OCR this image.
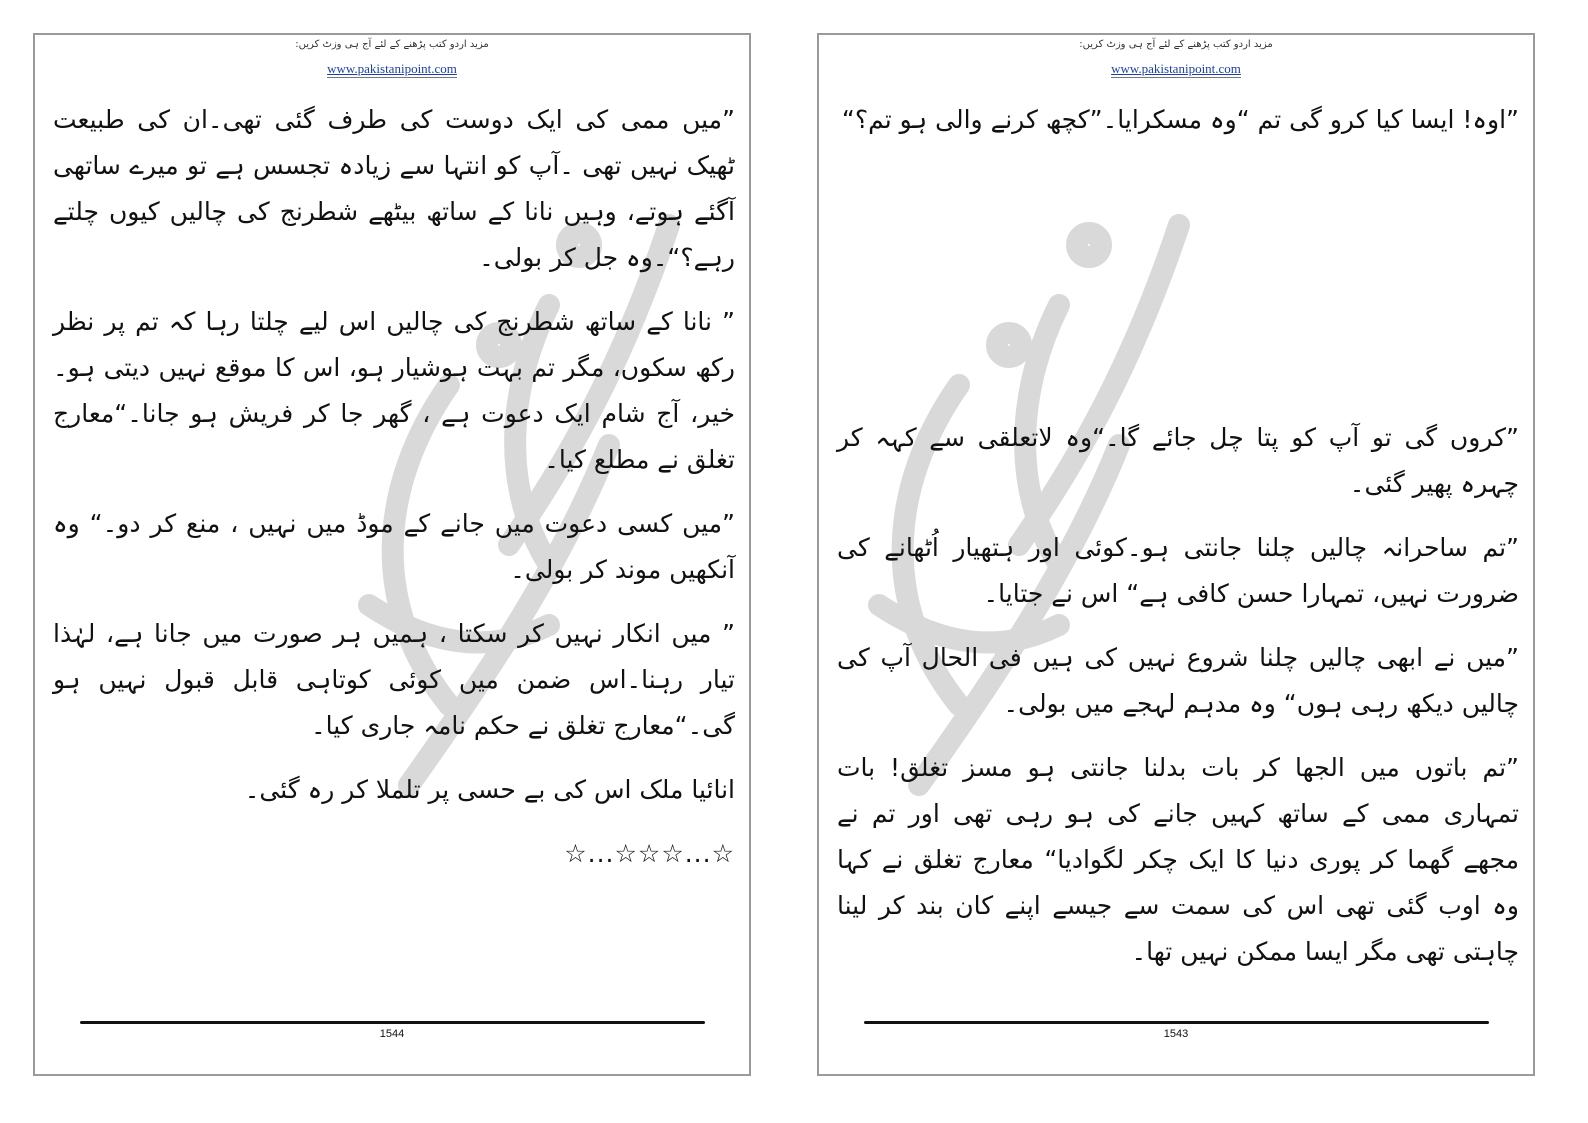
مزید اردو کتب پڑھنے کے لئے آج ہی وزٹ کریں:
www.pakistanipoint.com

”میں ممی کی ایک دوست کی طرف گئی تھی۔ان کی طبیعت ٹھیک نہیں تھی ۔آپ کو انتہا سے زیادہ تجسس ہے تو میرے ساتھی آگئے ہوتے، وہیں نانا کے ساتھ بیٹھے شطرنج کی چالیں کیوں چلتے رہے؟“۔وہ جل کر بولی۔

” نانا کے ساتھ شطرنج کی چالیں اس لیے چلتا رہا کہ تم پر نظر رکھ سکوں، مگر تم بہت ہوشیار ہو، اس کا موقع نہیں دیتی ہو۔خیر، آج شام ایک دعوت ہے ، گھر جا کر فریش ہو جانا۔“معارج تغلق نے مطلع کیا۔

”میں کسی دعوت میں جانے کے موڈ میں نہیں ، منع کر دو۔“ وہ آنکھیں موند کر بولی۔

” میں انکار نہیں کر سکتا ، ہمیں ہر صورت میں جانا ہے، لہٰذا تیار رہنا۔اس ضمن میں کوئی کوتاہی قابل قبول نہیں ہو گی۔“معارج تغلق نے حکم نامہ جاری کیا۔

انائیا ملک اس کی بے حسی پر تلملا کر رہ گئی۔

☆...☆☆☆...☆
1544
مزید اردو کتب پڑھنے کے لئے آج ہی وزٹ کریں:
www.pakistanipoint.com

”اوہ! ایسا کیا کرو گی تم “وہ مسکرایا۔”کچھ کرنے والی ہو تم؟“

”کروں گی تو آپ کو پتا چل جائے گا۔“وہ لاتعلقی سے کہہ کر چہرہ پھیر گئی۔

”تم ساحرانہ چالیں چلنا جانتی ہو۔کوئی اور ہتھیار اُٹھانے کی ضرورت نہیں، تمہارا حسن کافی ہے“ اس نے جتایا۔

”میں نے ابھی چالیں چلنا شروع نہیں کی ہیں فی الحال آپ کی چالیں دیکھ رہی ہوں“ وہ مدہم لہجے میں بولی۔

”تم باتوں میں الجھا کر بات بدلنا جانتی ہو مسز تغلق! بات تمہاری ممی کے ساتھ کہیں جانے کی ہو رہی تھی اور تم نے مجھے گھما کر پوری دنیا کا ایک چکر لگوادیا“ معارج تغلق نے کہا وہ اوب گئی تھی اس کی سمت سے جیسے اپنے کان بند کر لینا چاہتی تھی مگر ایسا ممکن نہیں تھا۔

1543
